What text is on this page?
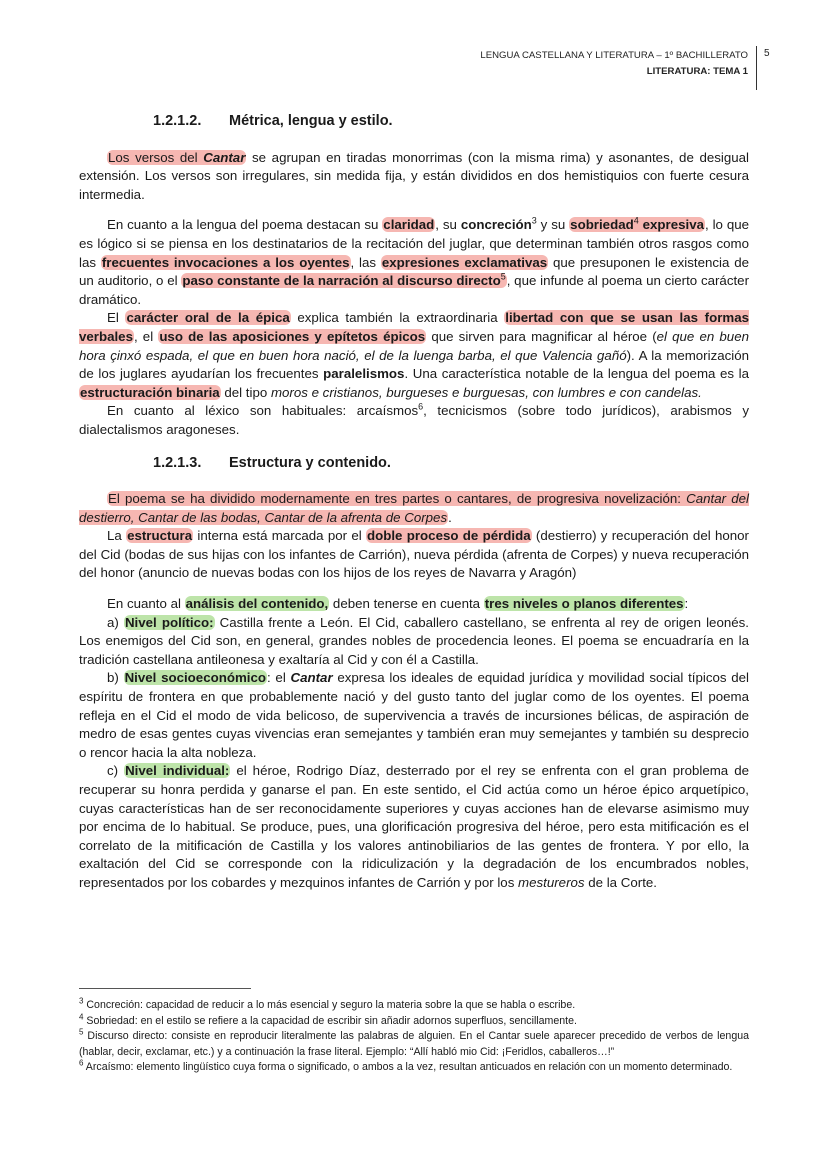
LENGUA CASTELLANA Y LITERATURA – 1º BACHILLERATO
LITERATURA: TEMA 1
5
1.2.1.2. Métrica, lengua y estilo.

Los versos del Cantar se agrupan en tiradas monorrimas (con la misma rima) y asonantes, de desigual extensión. Los versos son irregulares, sin medida fija, y están divididos en dos hemistiquios con fuerte cesura intermedia.

En cuanto a la lengua del poema destacan su claridad, su concreción$^3$ y su sobriedad$^4$ expresiva, lo que es lógico si se piensa en los destinatarios de la recitación del juglar, que determinan también otros rasgos como las frecuentes invocaciones a los oyentes, las expresiones exclamativas que presuponen le existencia de un auditorio, o el paso constante de la narración al discurso directo$^5$, que infunde al poema un cierto carácter dramático.

El carácter oral de la épica explica también la extraordinaria libertad con que se usan las formas verbales, el uso de las aposiciones y epítetos épicos que sirven para magnificar al héroe (el que en buen hora çinxó espada, el que en buen hora nació, el de la luenga barba, el que Valencia gañó). A la memorización de los juglares ayudarían los frecuentes paralelismos. Una característica notable de la lengua del poema es la estructuración binaria del tipo moros e cristianos, burgueses e burguesas, con lumbres e con candelas.

En cuanto al léxico son habituales: arcaísmos$^6$, tecnicismos (sobre todo jurídicos), arabismos y dialectalismos aragoneses.

1.2.1.3. Estructura y contenido.

El poema se ha dividido modernamente en tres partes o cantares, de progresiva novelización: Cantar del destierro, Cantar de las bodas, Cantar de la afrenta de Corpes.

La estructura interna está marcada por el doble proceso de pérdida (destierro) y recuperación del honor del Cid (bodas de sus hijas con los infantes de Carrión), nueva pérdida (afrenta de Corpes) y nueva recuperación del honor (anuncio de nuevas bodas con los hijos de los reyes de Navarra y Aragón)

En cuanto al análisis del contenido, deben tenerse en cuenta tres niveles o planos diferentes:

a) Nivel político: Castilla frente a León. El Cid, caballero castellano, se enfrenta al rey de origen leonés. Los enemigos del Cid son, en general, grandes nobles de procedencia leones. El poema se encuadraría en la tradición castellana antileonesa y exaltaría al Cid y con él a Castilla.

b) Nivel socioeconómico: el Cantar expresa los ideales de equidad jurídica y movilidad social típicos del espíritu de frontera en que probablemente nació y del gusto tanto del juglar como de los oyentes. El poema refleja en el Cid el modo de vida belicoso, de supervivencia a través de incursiones bélicas, de aspiración de medro de esas gentes cuyas vivencias eran semejantes y también eran muy semejantes y también su desprecio o rencor hacia la alta nobleza.

c) Nivel individual: el héroe, Rodrigo Díaz, desterrado por el rey se enfrenta con el gran problema de recuperar su honra perdida y ganarse el pan. En este sentido, el Cid actúa como un héroe épico arquetípico, cuyas características han de ser reconocidamente superiores y cuyas acciones han de elevarse asimismo muy por encima de lo habitual. Se produce, pues, una glorificación progresiva del héroe, pero esta mitificación es el correlato de la mitificación de Castilla y los valores antinobiliarios de las gentes de frontera. Y por ello, la exaltación del Cid se corresponde con la ridiculización y la degradación de los encumbrados nobles, representados por los cobardes y mezquinos infantes de Carrión y por los mestureros de la Corte.

$^3$ Concreción: capacidad de reducir a lo más esencial y seguro la materia sobre la que se habla o escribe.
$^4$ Sobriedad: en el estilo se refiere a la capacidad de escribir sin añadir adornos superfluos, sencillamente.
$^5$ Discurso directo: consiste en reproducir literalmente las palabras de alguien. En el Cantar suele aparecer precedido de verbos de lengua (hablar, decir, exclamar, etc.) y a continuación la frase literal. Ejemplo: “Allí habló mio Cid: ¡Feridlos, caballeros…!”
$^6$ Arcaísmo: elemento lingüístico cuya forma o significado, o ambos a la vez, resultan anticuados en relación con un momento determinado.
